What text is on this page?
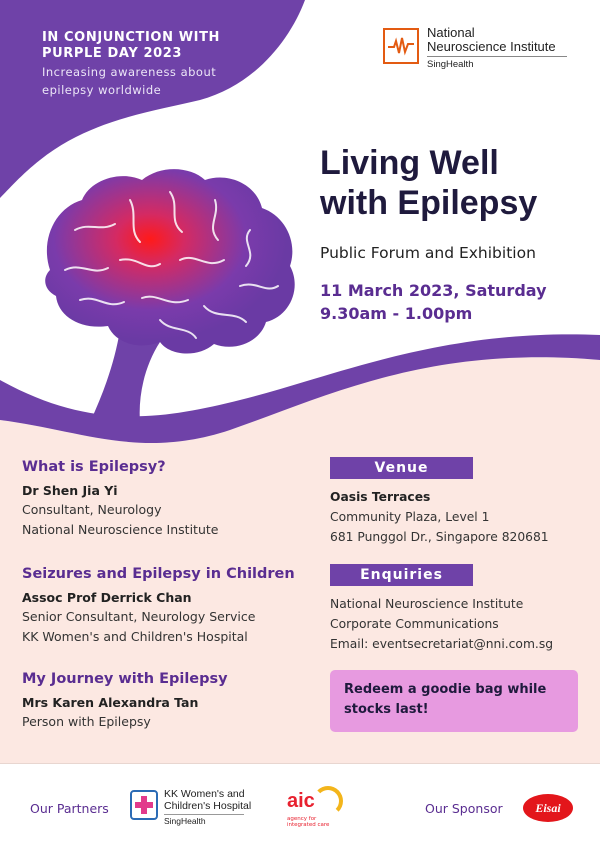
IN CONJUNCTION WITH
PURPLE DAY 2023
Increasing awareness about
epilepsy worldwide
National
Neuroscience Institute
SingHealth
Living Well
with Epilepsy
Public Forum and Exhibition
11 March 2023, Saturday
9.30am - 1.00pm
What is Epilepsy?
Dr Shen Jia Yi
Consultant, Neurology
National Neuroscience Institute
Seizures and Epilepsy in Children
Assoc Prof Derrick Chan
Senior Consultant, Neurology Service
KK Women's and Children's Hospital
My Journey with Epilepsy
Mrs Karen Alexandra Tan
Person with Epilepsy
Venue
Oasis Terraces
Community Plaza, Level 1
681 Punggol Dr., Singapore 820681
Enquiries
National Neuroscience Institute
Corporate Communications
Email: eventsecretariat@nni.com.sg
Redeem a goodie bag while stocks last!
Our Partners
KK Women's and
Children's Hospital
SingHealth
aic
agency for integrated care
Our Sponsor	Eisai
